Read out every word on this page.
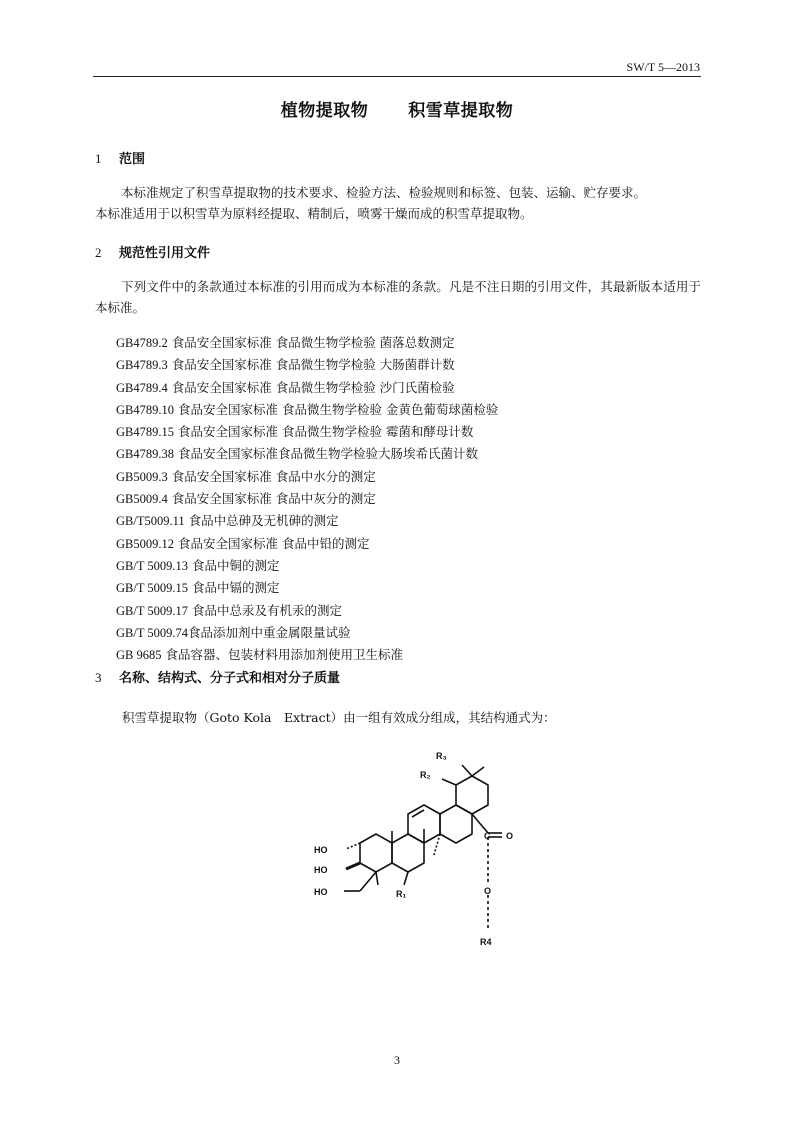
SW/T 5—2013
植物提取物 积雪草提取物
1 范围

本标准规定了积雪草提取物的技术要求、检验方法、检验规则和标签、包装、运输、贮存要求。

本标准适用于以积雪草为原料经提取、精制后，喷雾干燥而成的积雪草提取物。

2 规范性引用文件

下列文件中的条款通过本标准的引用而成为本标准的条款。凡是不注日期的引用文件，其最新版本适用于本标准。

GB4789.2 食品安全国家标准 食品微生物学检验 菌落总数测定
GB4789.3 食品安全国家标准 食品微生物学检验 大肠菌群计数
GB4789.4 食品安全国家标准 食品微生物学检验 沙门氏菌检验
GB4789.10 食品安全国家标准 食品微生物学检验 金黄色葡萄球菌检验
GB4789.15 食品安全国家标准 食品微生物学检验 霉菌和酵母计数
GB4789.38 食品安全国家标准食品微生物学检验大肠埃希氏菌计数
GB5009.3 食品安全国家标准 食品中水分的测定
GB5009.4 食品安全国家标准 食品中灰分的测定
GB/T5009.11 食品中总砷及无机砷的测定
GB5009.12 食品安全国家标准 食品中铅的测定
GB/T 5009.13 食品中铜的测定
GB/T 5009.15 食品中镉的测定
GB/T 5009.17 食品中总汞及有机汞的测定
GB/T 5009.74食品添加剂中重金属限量试验
GB 9685 食品容器、包装材料用添加剂使用卫生标准
3 名称、结构式、分子式和相对分子质量
积雪草提取物（Goto Kola　Extract）由一组有效成分组成，其结构通式为：
HO
HO
HO	R₁
R₂
R₃
C O
O
R4
3
